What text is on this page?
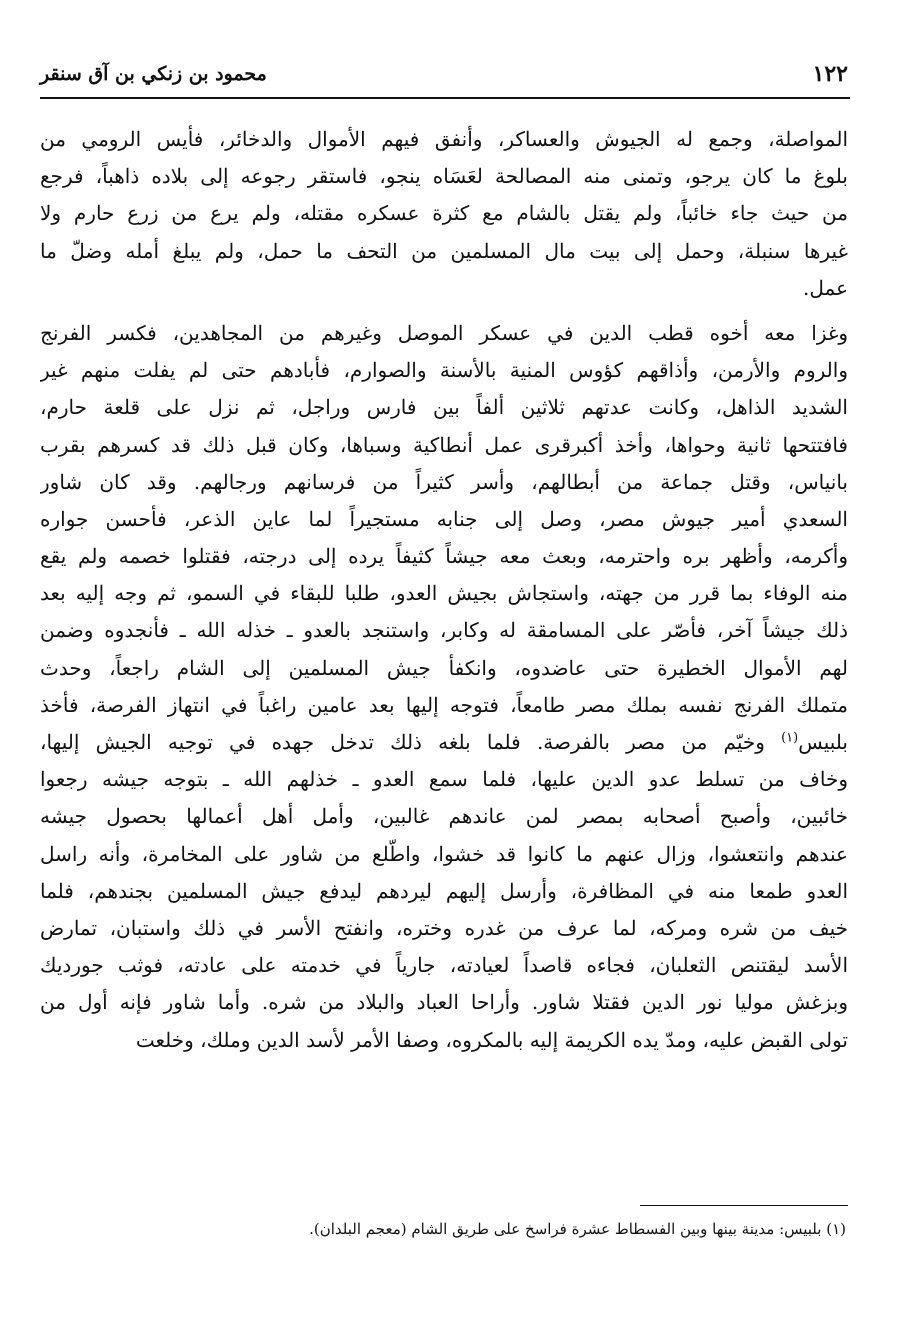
١٢٢
محمود بن زنكي بن آق سنقر
المواصلة، وجمع له الجيوش والعساكر، وأنفق فيهم الأموال والدخائر، فأيس الرومي من
بلوغ ما كان يرجو، وتمنى منه المصالحة لعَسَاه ينجو، فاستقر رجوعه إلى بلاده ذاهباً، فرجع
من حيث جاء خائباً، ولم يقتل بالشام مع كثرة عسكره مقتله، ولم يرع من زرع حارم ولا
غيرها سنبلة، وحمل إلى بيت مال المسلمين من التحف ما حمل، ولم يبلغ أمله وضلّ ما
عمل.
وغزا معه أخوه قطب الدين في عسكر الموصل وغيرهم من المجاهدين، فكسر الفرنج
والروم والأرمن، وأذاقهم كؤوس المنية بالأسنة والصوارم، فأبادهم حتى لم يفلت منهم غير
الشديد الذاهل، وكانت عدتهم ثلاثين ألفاً بين فارس وراجل، ثم نزل على قلعة حارم،
فافتتحها ثانية وحواها، وأخذ أكبرقرى عمل أنطاكية وسباها، وكان قبل ذلك قد كسرهم بقرب
بانياس، وقتل جماعة من أبطالهم، وأسر كثيراً من فرسانهم ورجالهم. وقد كان شاور
السعدي أمير جيوش مصر، وصل إلى جنابه مستجيراً لما عاين الذعر، فأحسن جواره
وأكرمه، وأظهر بره واحترمه، وبعث معه جيشاً كثيفاً يرده إلى درجته، فقتلوا خصمه ولم يقع
منه الوفاء بما قرر من جهته، واستجاش بجيش العدو، طلبا للبقاء في السمو، ثم وجه إليه بعد
ذلك جيشاً آخر، فأصّر على المسامقة له وكابر، واستنجد بالعدو ـ خذله الله ـ فأنجدوه وضمن
لهم الأموال الخطيرة حتى عاضدوه، وانكفأ جيش المسلمين إلى الشام راجعاً، وحدث
متملك الفرنج نفسه بملك مصر طامعاً، فتوجه إليها بعد عامين راغباً في انتهاز الفرصة، فأخذ
بلبيس$^{(١)}$ وخيّم من مصر بالفرصة. فلما بلغه ذلك تدخل جهده في توجيه الجيش إليها،
وخاف من تسلط عدو الدين عليها، فلما سمع العدو ـ خذلهم الله ـ بتوجه جيشه رجعوا
خائبين، وأصبح أصحابه بمصر لمن عاندهم غالبين، وأمل أهل أعمالها بحصول جيشه
عندهم وانتعشوا، وزال عنهم ما كانوا قد خشوا، واطّلع من شاور على المخامرة، وأنه راسل
العدو طمعا منه في المظافرة، وأرسل إليهم ليردهم ليدفع جيش المسلمين بجندهم، فلما
خيف من شره ومركه، لما عرف من غدره وختره، وانفتح الأسر في ذلك واستبان، تمارض
الأسد ليقتنص الثعلبان، فجاءه قاصداً لعيادته، جارياً في خدمته على عادته، فوثب جورديك
وبزغش موليا نور الدين فقتلا شاور. وأراحا العباد والبلاد من شره. وأما شاور فإنه أول من
تولى القبض عليه، ومدّ يده الكريمة إليه بالمكروه، وصفا الأمر لأسد الدين وملك، وخلعت
(١) بلبيس: مدينة بينها وبين الفسطاط عشرة فراسخ على طريق الشام (معجم البلدان).
